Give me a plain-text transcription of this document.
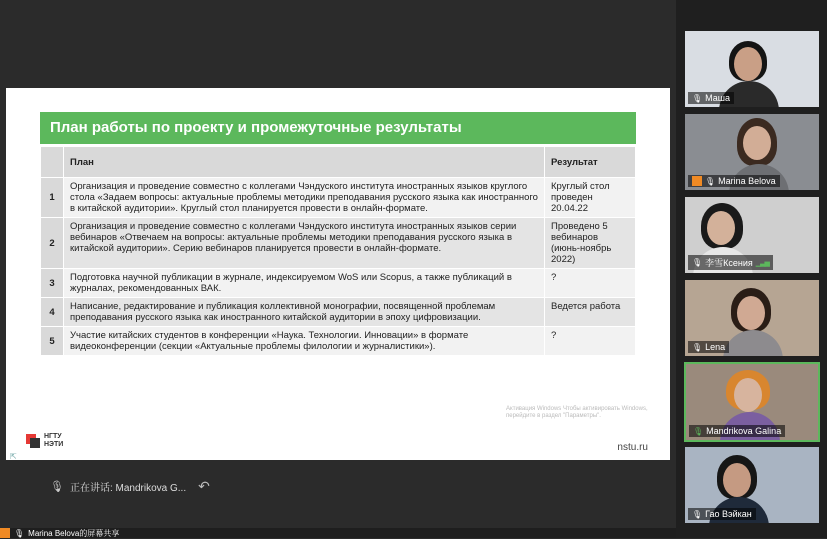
План работы по проекту и промежуточные результаты
	План	Результат
1	Организация и проведение совместно с коллегами Чэндуского института иностранных языков круглого стола «Задаем вопросы: актуальные проблемы методики преподавания русского языка как иностранного в китайской аудитории». Круглый стол планируется провести в онлайн-формате.	Круглый стол проведен 20.04.22
2	Организация и проведение совместно с коллегами Чэндуского института иностранных языков серии вебинаров «Отвечаем на вопросы: актуальные проблемы методики преподавания русского языка в китайской аудитории». Серию вебинаров планируется провести в онлайн-формате.	Проведено 5 вебинаров (июнь-ноябрь 2022)
3	Подготовка научной публикации в журнале, индексируемом WoS или Scopus, а также публикаций в журналах, рекомендованных ВАК.	?
4	Написание, редактирование и публикация коллективной монографии, посвященной проблемам преподавания русского языка как иностранного китайской аудитории в эпоху цифровизации.	Ведется работа
5	Участие китайских студентов в конференции «Наука. Технологии. Инновации» в формате видеоконференции (секции «Актуальные проблемы филологии и журналистики»).	?
Активация Windows Чтобы активировать Windows, перейдите в раздел "Параметры".
НГТУ
НЭТИ	nstu.ru
⇱
🎙 正在讲话: Mandrikova G... ↶
🎙 Marina Belova的屏幕共享
🎙 Маша
🎙 Marina Belova
🎙 李雪Ксения ▁▃▅
🎙 Lena
🎙 Mandrikova Galina
🎙 Гао Вэйкан
